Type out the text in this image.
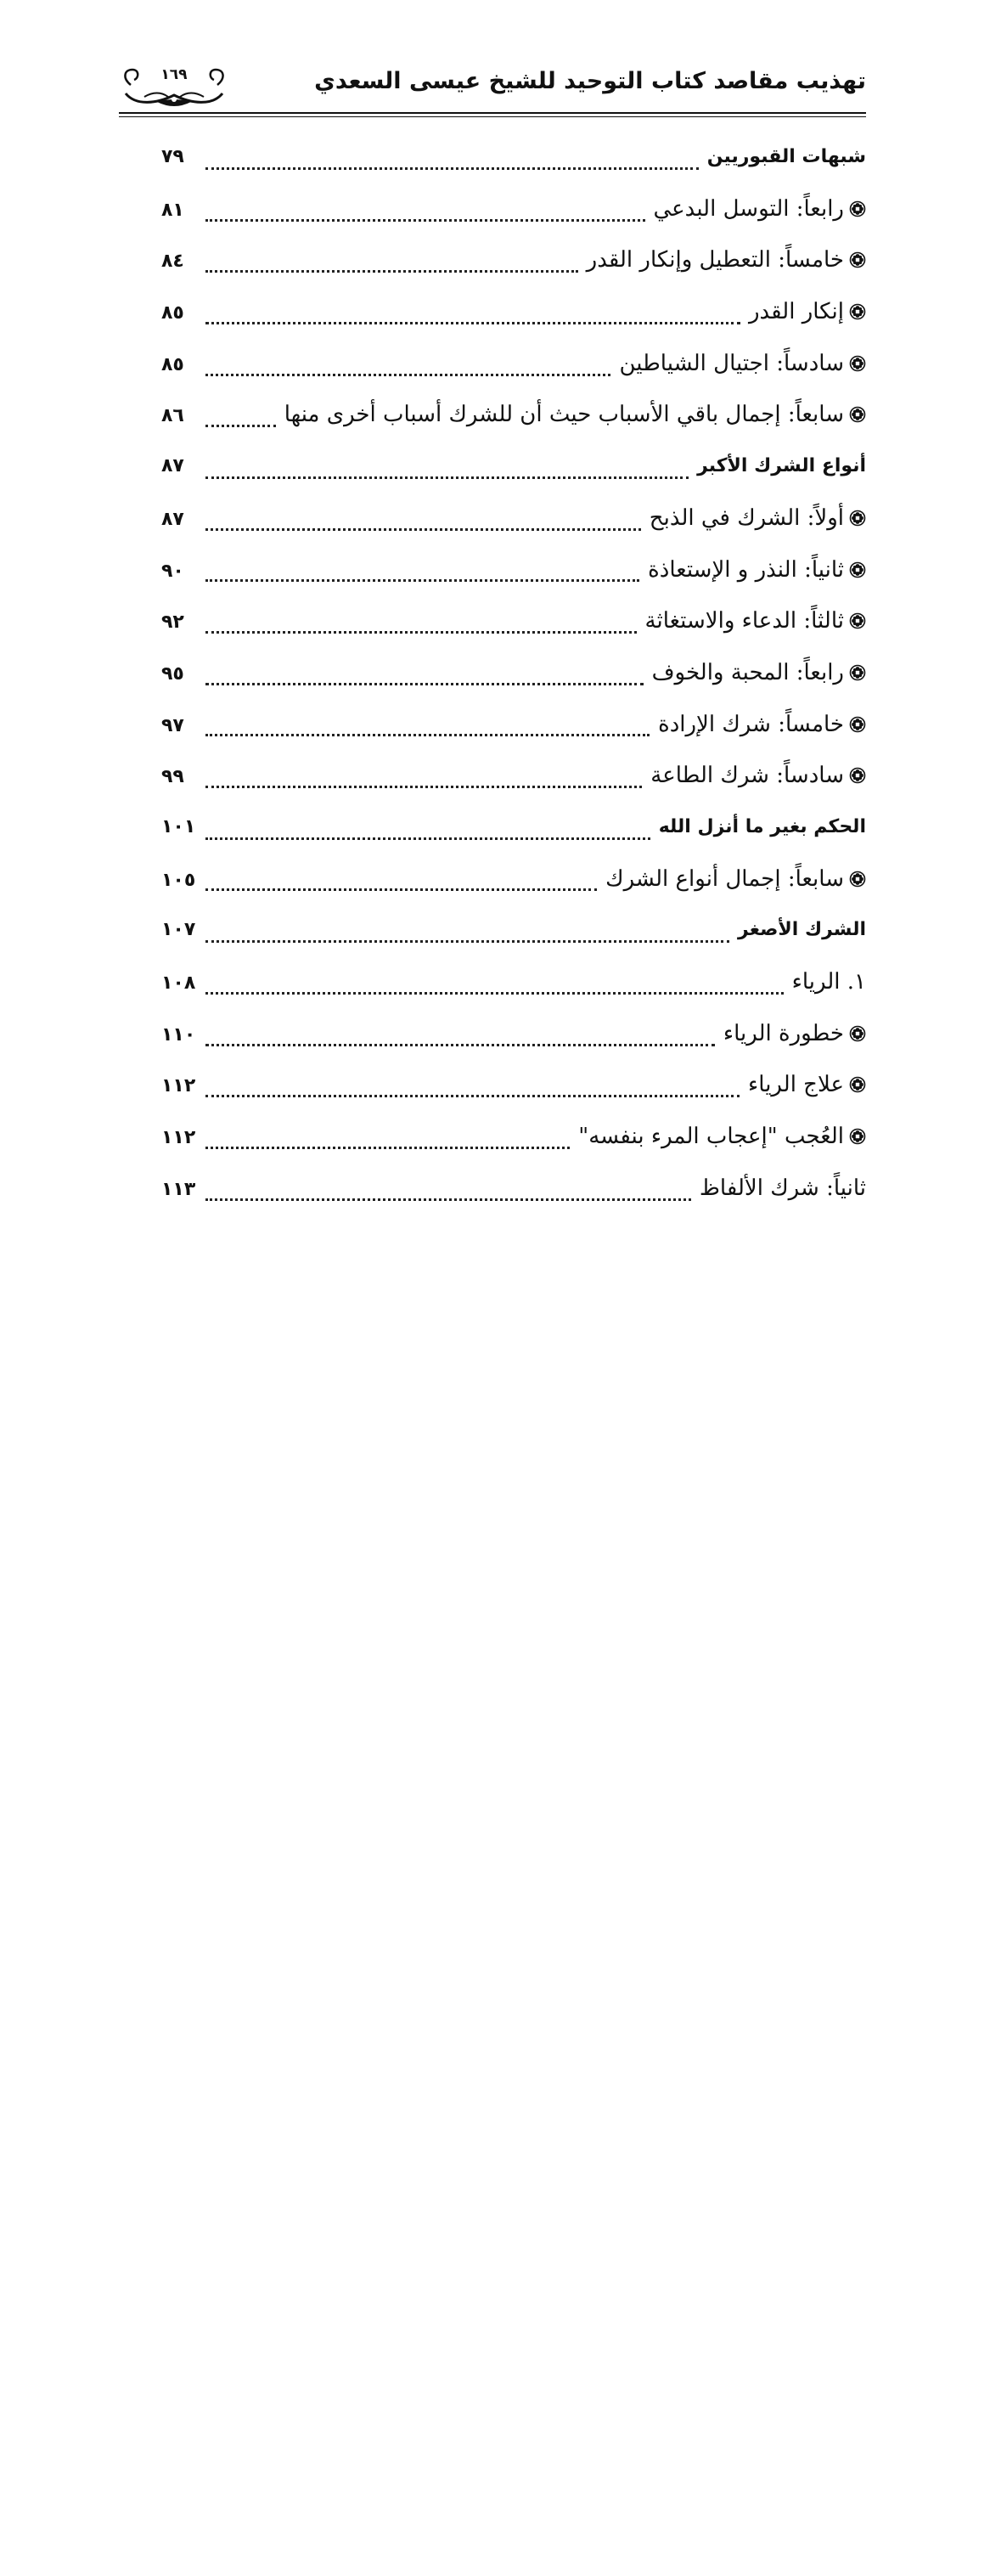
تهذيب مقاصد كتاب التوحيد للشيخ عيسى السعدي
١٦٩
شبهات القبوريين
٧٩
رابعاً: التوسل البدعي
٨١
خامساً: التعطيل وإنكار القدر
٨٤
إنكار القدر
٨٥
سادساً: اجتيال الشياطين
٨٥
سابعاً: إجمال باقي الأسباب حيث أن للشرك أسباب أخرى منها
٨٦
أنواع الشرك الأكبر
٨٧
أولاً: الشرك في الذبح
٨٧
ثانياً: النذر و الإستعاذة
٩٠
ثالثاً: الدعاء والاستغاثة
٩٢
رابعاً: المحبة والخوف
٩٥
خامساً: شرك الإرادة
٩٧
سادساً: شرك الطاعة
٩٩
الحكم بغير ما أنزل الله
١٠١
سابعاً: إجمال أنواع الشرك
١٠٥
الشرك الأصغر
١٠٧
١. الرياء
١٠٨
خطورة الرياء
١١٠
علاج الرياء
١١٢
العُجب "إعجاب المرء بنفسه"
١١٢
ثانياً: شرك الألفاظ
١١٣
